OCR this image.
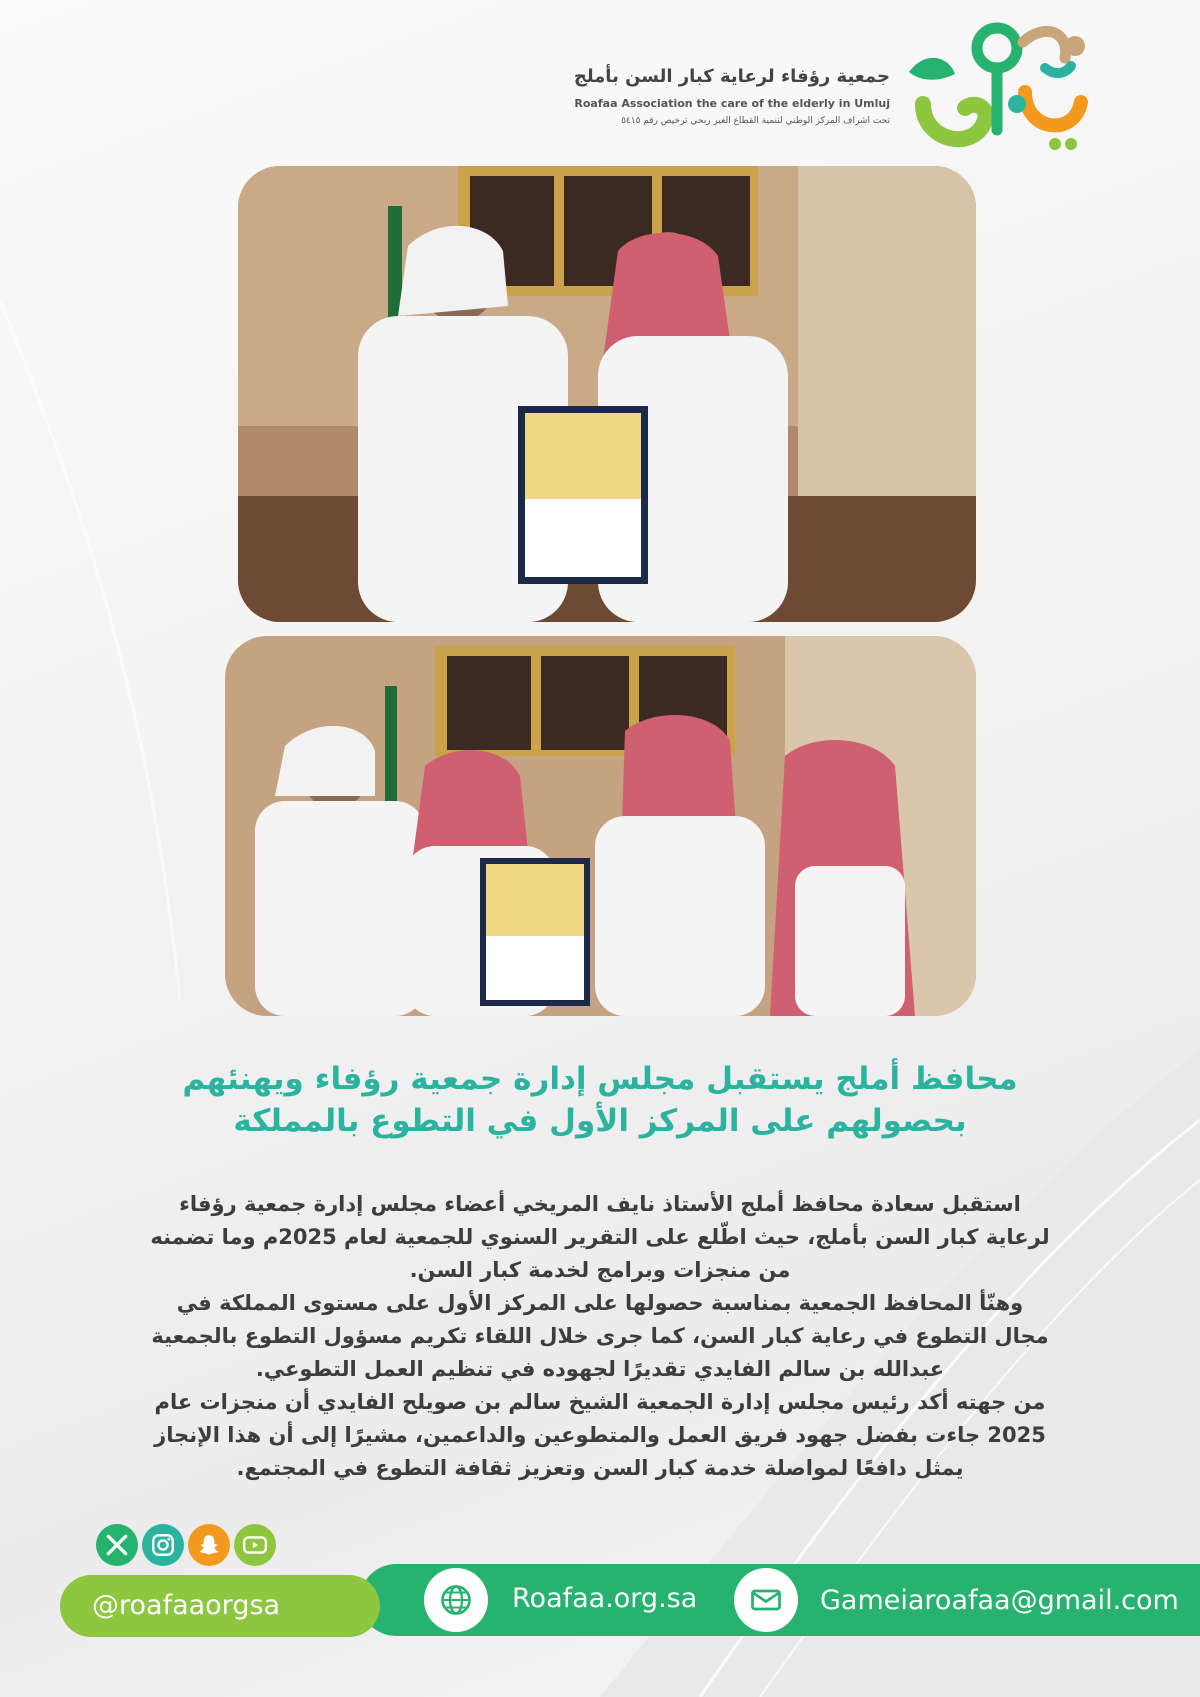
جمعية رؤفاء لرعاية كبار السن بأملج
Roafaa Association the care of the elderly in Umluj
تحت اشراف المركز الوطني لتنمية القطاع الغير ربحي ترخيص رقم ٥٤١٥
محافظ أملج يستقبل مجلس إدارة جمعية رؤفاء ويهنئهم
بحصولهم على المركز الأول في التطوع بالمملكة

استقبل سعادة محافظ أملج الأستاذ نايف المريخي أعضاء مجلس إدارة جمعية رؤفاء لرعاية كبار السن بأملج، حيث اطّلع على التقرير السنوي للجمعية لعام 2025م وما تضمنه من منجزات وبرامج لخدمة كبار السن.

وهنّأ المحافظ الجمعية بمناسبة حصولها على المركز الأول على مستوى المملكة في مجال التطوع في رعاية كبار السن، كما جرى خلال اللقاء تكريم مسؤول التطوع بالجمعية عبدالله بن سالم الفايدي تقديرًا لجهوده في تنظيم العمل التطوعي.

من جهته أكد رئيس مجلس إدارة الجمعية الشيخ سالم بن صويلح الفايدي أن منجزات عام 2025 جاءت بفضل جهود فريق العمل والمتطوعين والداعمين، مشيرًا إلى أن هذا الإنجاز يمثل دافعًا لمواصلة خدمة كبار السن وتعزيز ثقافة التطوع في المجتمع.

@roafaaorgsa	Roafaa.org.sa	Gameiaroafaa@gmail.com
